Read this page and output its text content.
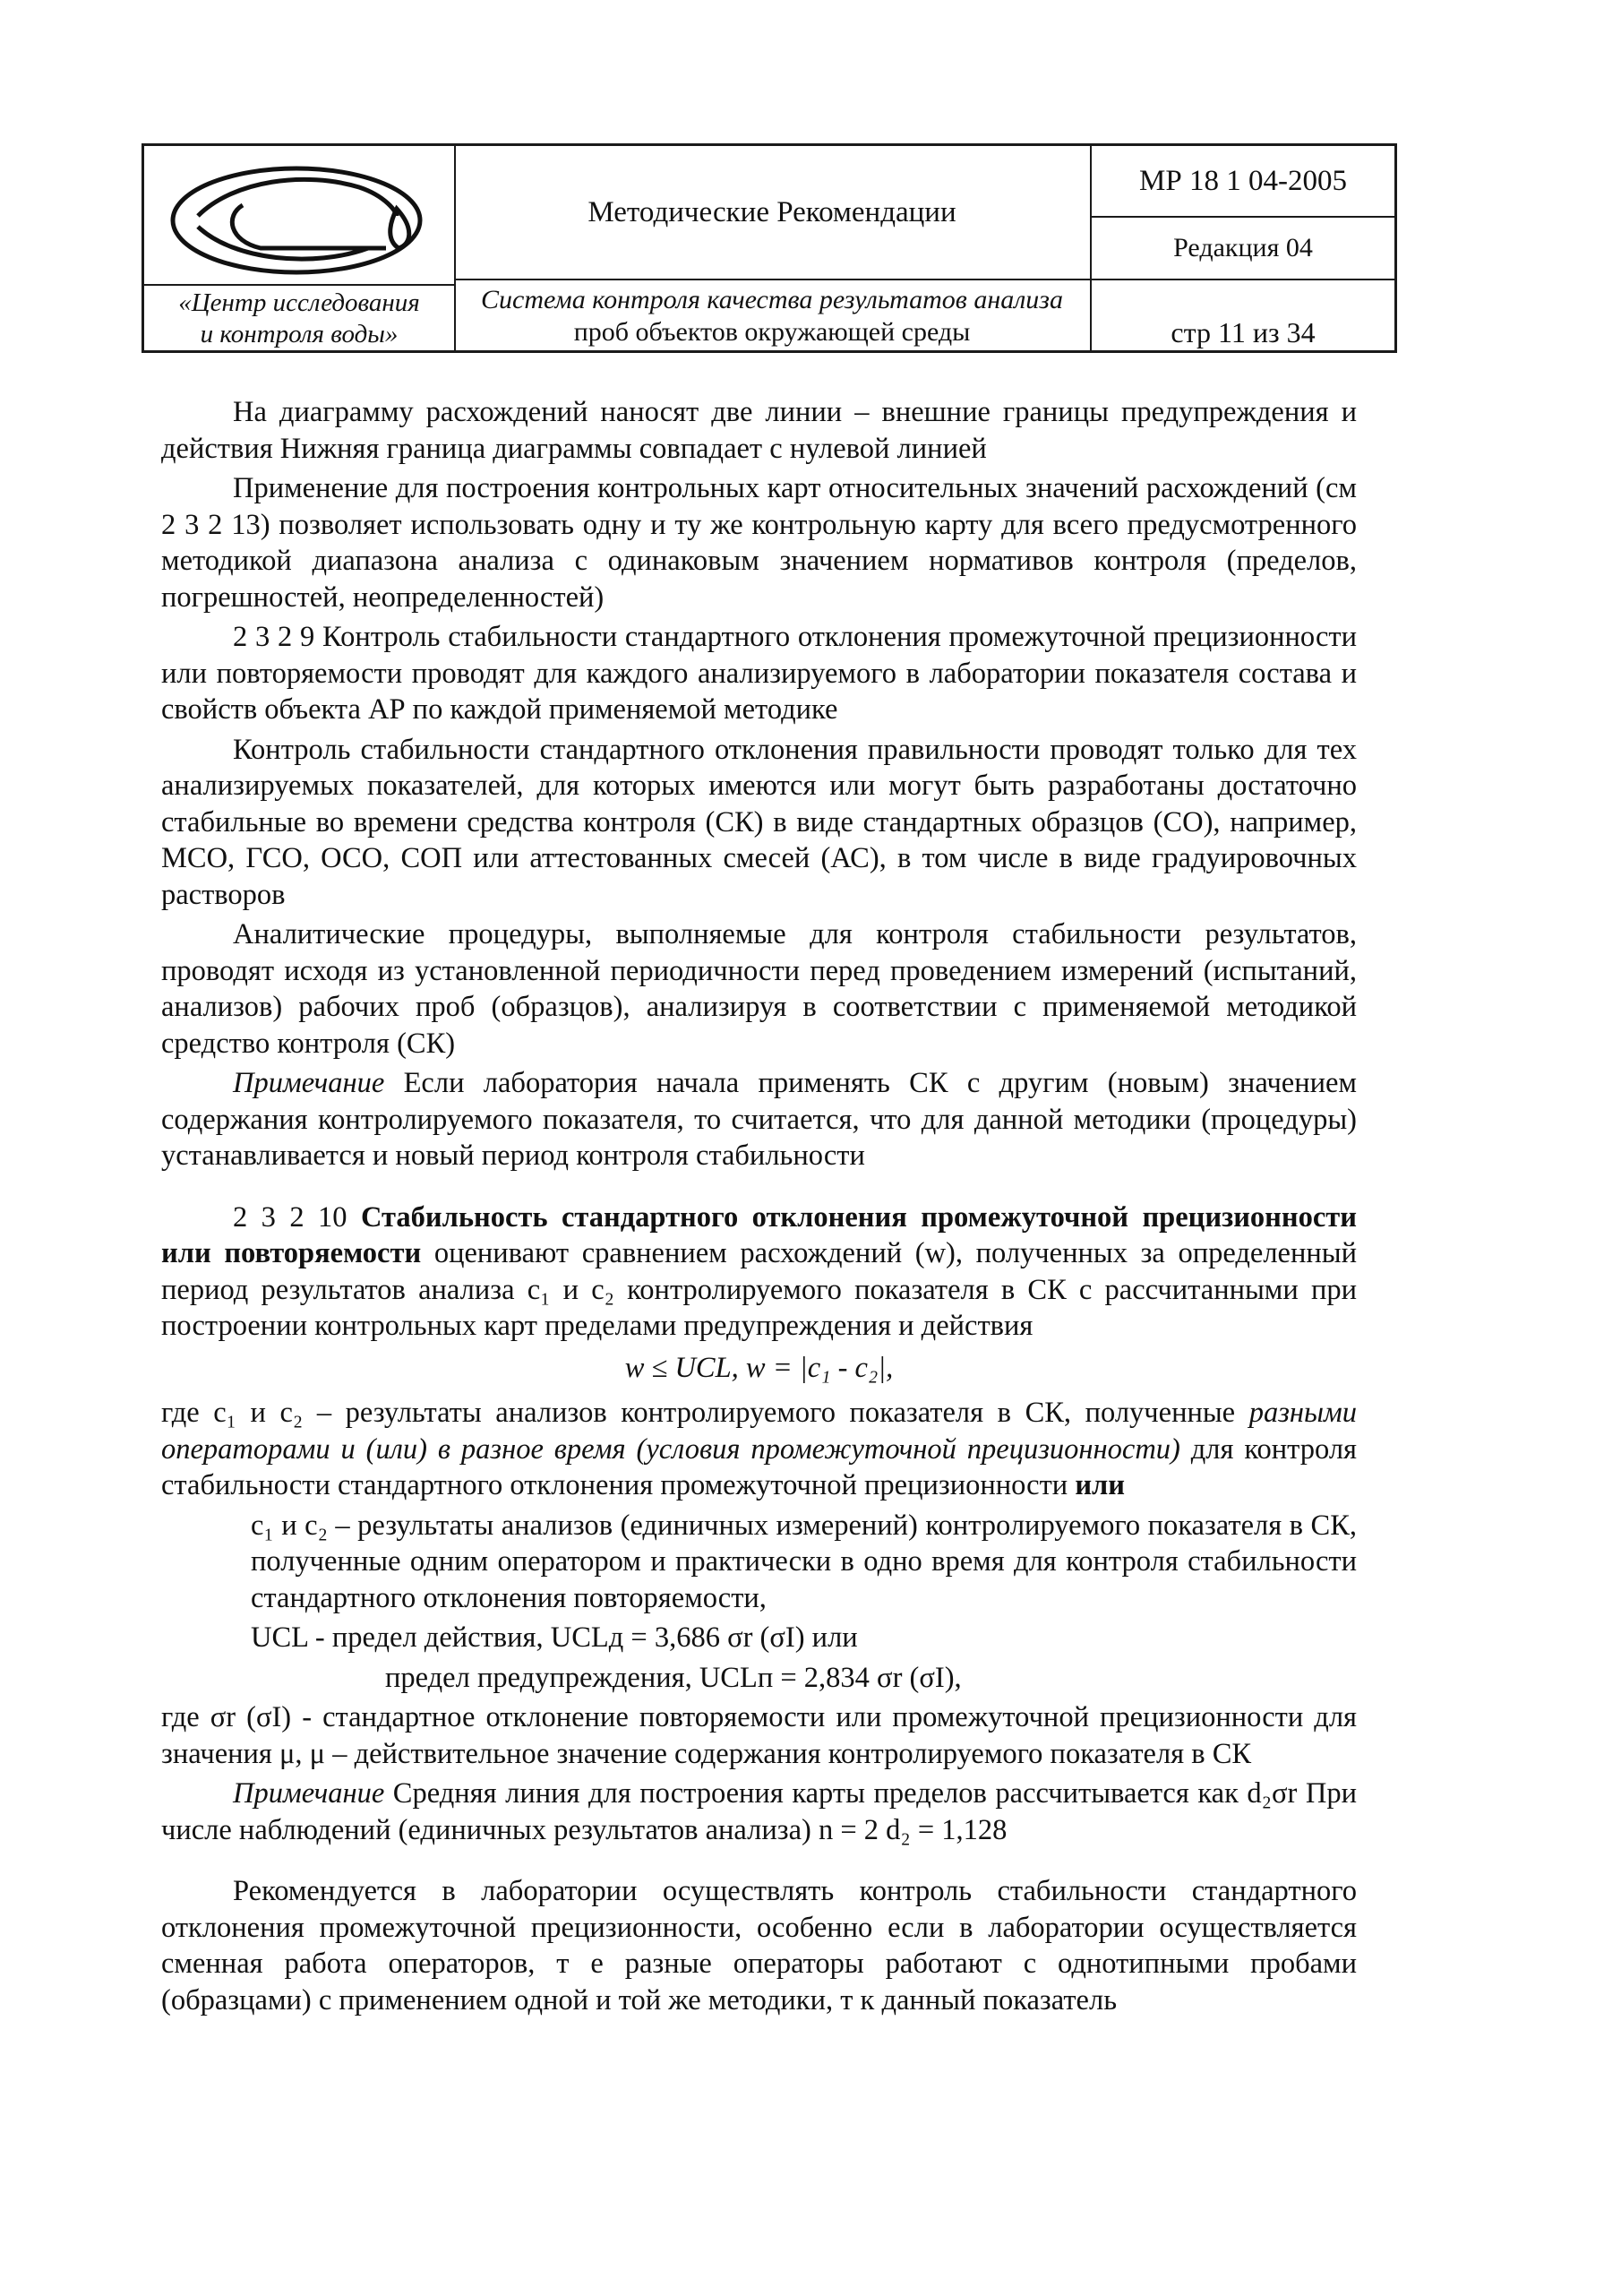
«Центр исследования
и контроля воды»
Методические Рекомендации
Система контроля качества результатов анализа
проб объектов окружающей среды
МР 18 1 04-2005
Редакция 04
стр 11 из 34

На диаграмму расхождений наносят две линии – внешние границы предупреждения и действия Нижняя граница диаграммы совпадает с нулевой линией

Применение для построения контрольных карт относительных значений расхождений (см 2 3 2 13) позволяет использовать одну и ту же контрольную карту для всего предусмотренного методикой диапазона анализа с одинаковым значением нормативов контроля (пределов, погрешностей, неопределенностей)

2 3 2 9 Контроль стабильности стандартного отклонения промежуточной прецизионности или повторяемости проводят для каждого анализируемого в лаборатории показателя состава и свойств объекта АР по каждой применяемой методике

Контроль стабильности стандартного отклонения правильности проводят только для тех анализируемых показателей, для которых имеются или могут быть разработаны достаточно стабильные во времени средства контроля (СК) в виде стандартных образцов (СО), например, МСО, ГСО, ОСО, СОП или аттестованных смесей (АС), в том числе в виде градуировочных растворов

Аналитические процедуры, выполняемые для контроля стабильности результатов, проводят исходя из установленной периодичности перед проведением измерений (испытаний, анализов) рабочих проб (образцов), анализируя в соответствии с применяемой методикой средство контроля (СК)

Примечание Если лаборатория начала применять СК с другим (новым) значением содержания контролируемого показателя, то считается, что для данной методики (процедуры) устанавливается и новый период контроля стабильности

2 3 2 10 Стабильность стандартного отклонения промежуточной прецизионности или повторяемости оценивают сравнением расхождений (w), полученных за определенный период результатов анализа c₁ и c₂ контролируемого показателя в СК с рассчитанными при построении контрольных карт пределами предупреждения и действия

w ≤ UCL, w = |c₁ - c₂|,

где c₁ и c₂ – результаты анализов контролируемого показателя в СК, полученные разными операторами и (или) в разное время (условия промежуточной прецизионности) для контроля стабильности стандартного отклонения промежуточной прецизионности или

c₁ и c₂ – результаты анализов (единичных измерений) контролируемого показателя в СК, полученные одним оператором и практически в одно время для контроля стабильности стандартного отклонения повторяемости,

UCL - предел действия, UCLд = 3,686 σr (σI) или

предел предупреждения, UCLп = 2,834 σr (σI),

где σr (σI) - стандартное отклонение повторяемости или промежуточной прецизионности для значения μ, μ – действительное значение содержания контролируемого показателя в СК

Примечание Средняя линия для построения карты пределов рассчитывается как d₂σr При числе наблюдений (единичных результатов анализа) n = 2 d₂ = 1,128

Рекомендуется в лаборатории осуществлять контроль стабильности стандартного отклонения промежуточной прецизионности, особенно если в лаборатории осуществляется сменная работа операторов, т е разные операторы работают с однотипными пробами (образцами) с применением одной и той же методики, т к данный показатель
